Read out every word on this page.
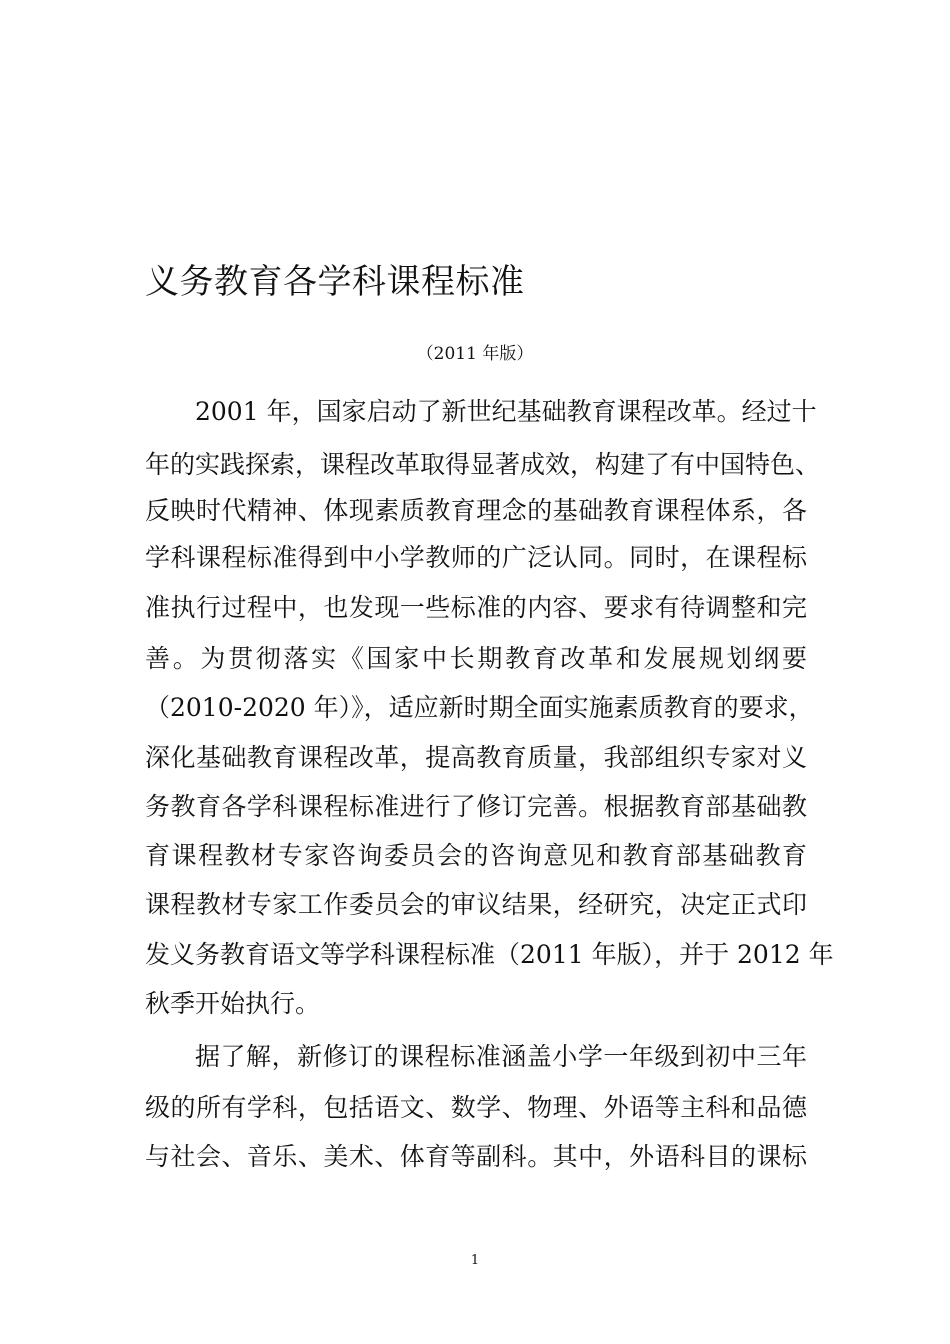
义务教育各学科课程标准
（2011 年版）
2001 年，国家启动了新世纪基础教育课程改革。经过十
年的实践探索，课程改革取得显著成效，构建了有中国特色、
反映时代精神、体现素质教育理念的基础教育课程体系，各
学科课程标准得到中小学教师的广泛认同。同时，在课程标
准执行过程中，也发现一些标准的内容、要求有待调整和完
善。为贯彻落实《国家中长期教育改革和发展规划纲要
（2010-2020 年）》，适应新时期全面实施素质教育的要求，
深化基础教育课程改革，提高教育质量，我部组织专家对义
务教育各学科课程标准进行了修订完善。根据教育部基础教
育课程教材专家咨询委员会的咨询意见和教育部基础教育
课程教材专家工作委员会的审议结果，经研究，决定正式印
发义务教育语文等学科课程标准（2011 年版），并于 2012 年
秋季开始执行。
据了解，新修订的课程标准涵盖小学一年级到初中三年
级的所有学科，包括语文、数学、物理、外语等主科和品德
与社会、音乐、美术、体育等副科。其中，外语科目的课标
1
